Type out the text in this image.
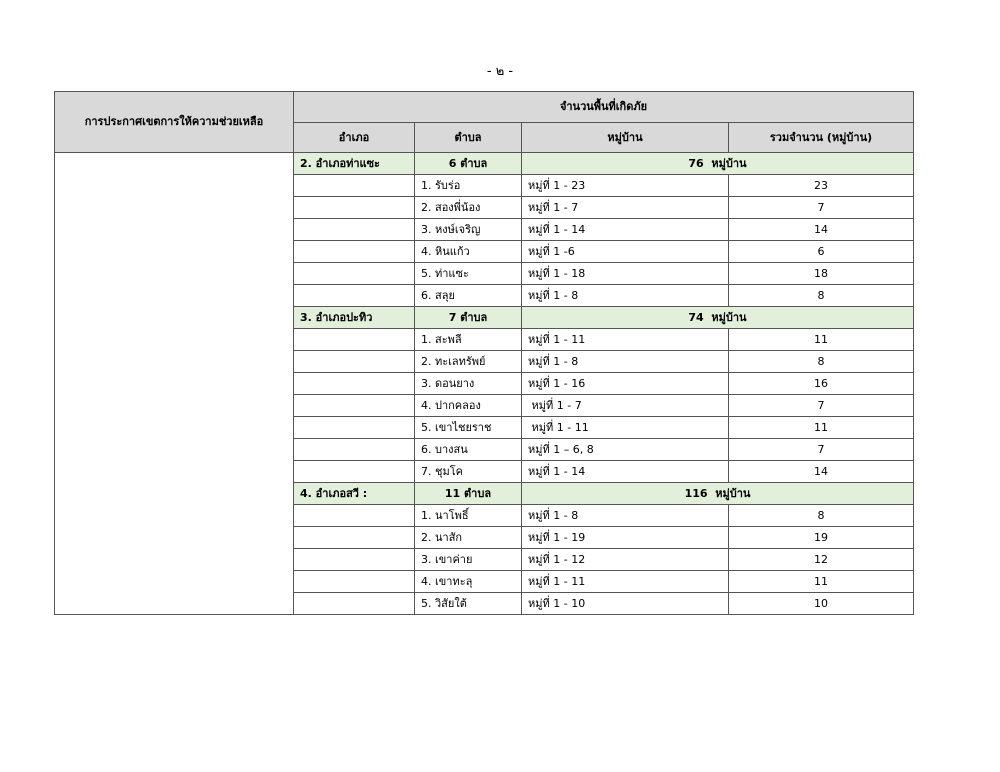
- ๒ -
การประกาศเขตการให้ความช่วยเหลือ	จำนวนพื้นที่เกิดภัย			
	อำเภอ	ตำบล	หมู่บ้าน	รวมจำนวน (หมู่บ้าน)
	2. อำเภอท่าแซะ	6 ตำบล	76 หมู่บ้าน	
		1. รับร่อ	หมู่ที่ 1 - 23	23
		2. สองพี่น้อง	หมู่ที่ 1 - 7	7
		3. หงษ์เจริญ	หมู่ที่ 1 - 14	14
		4. หินแก้ว	หมู่ที่ 1 -6	6
		5. ท่าแซะ	หมู่ที่ 1 - 18	18
		6. สลุย	หมู่ที่ 1 - 8	8
	3. อำเภอปะทิว	7 ตำบล	74 หมู่บ้าน	
		1. สะพลี	หมู่ที่ 1 - 11	11
		2. ทะเลทรัพย์	หมู่ที่ 1 - 8	8
		3. ดอนยาง	หมู่ที่ 1 - 16	16
		4. ปากคลอง	หมู่ที่ 1 - 7	7
		5. เขาไชยราช	หมู่ที่ 1 - 11	11
		6. บางสน	หมู่ที่ 1 – 6, 8	7
		7. ชุมโค	หมู่ที่ 1 - 14	14
	4. อำเภอสวี :	11 ตำบล	116 หมู่บ้าน	
		1. นาโพธิ์	หมู่ที่ 1 - 8	8
		2. นาสัก	หมู่ที่ 1 - 19	19
		3. เขาค่าย	หมู่ที่ 1 - 12	12
		4. เขาทะลุ	หมู่ที่ 1 - 11	11
		5. วิสัยใต้	หมู่ที่ 1 - 10	10
